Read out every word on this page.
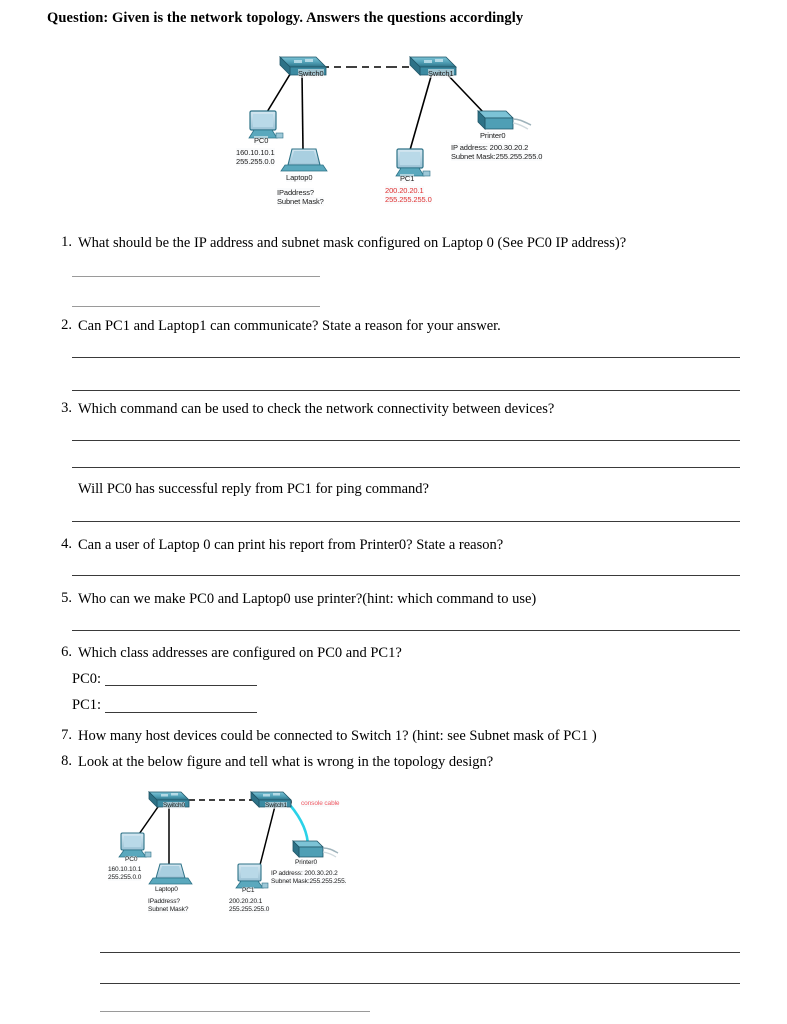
Question: Given is the network topology. Answers the questions accordingly
Switch0	Switch1
PC0
160.10.10.1
255.255.0.0
Laptop0
IPaddress?
Subnet Mask?
PC1
200.20.20.1
255.255.255.0
Printer0
IP address: 200.30.20.2
Subnet Mask:255.255.255.0
1. What should be the IP address and subnet mask configured on Laptop 0 (See PC0 IP address)?
2. Can PC1 and Laptop1 can communicate? State a reason for your answer.
3. Which command can be used to check the network connectivity between devices?
Will PC0 has successful reply from PC1 for ping command?
4. Can a user of Laptop 0 can print his report from Printer0? State a reason?
5. Who can we make PC0 and Laptop0 use printer?(hint: which command to use)
6. Which class addresses are configured on PC0 and PC1?
PC0:
PC1:
7. How many host devices could be connected to Switch 1? (hint: see Subnet mask of PC1 )
8. Look at the below figure and tell what is wrong in the topology design?
Switch0	Switch1 console cable
PC0
160.10.10.1
255.255.0.0
Laptop0
IPaddress?
Subnet Mask?
PC1
200.20.20.1
255.255.255.0
Printer0
IP address: 200.30.20.2
Subnet Mask:255.255.255.
